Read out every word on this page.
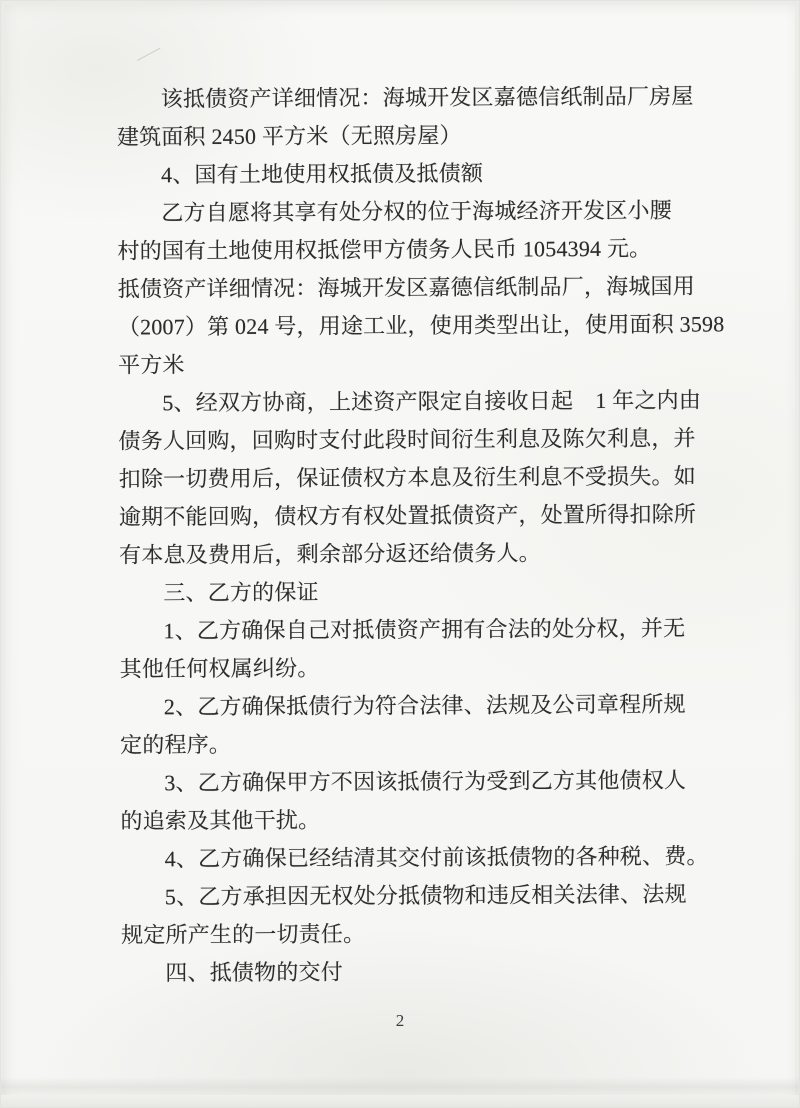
该抵债资产详细情况：海城开发区嘉德信纸制品厂房屋
建筑面积 2450 平方米（无照房屋）
4、国有土地使用权抵债及抵债额
乙方自愿将其享有处分权的位于海城经济开发区小腰
村的国有土地使用权抵偿甲方债务人民币 1054394 元。
抵债资产详细情况：海城开发区嘉德信纸制品厂，海城国用
（2007）第 024 号，用途工业，使用类型出让，使用面积 3598
平方米
5、经双方协商，上述资产限定自接收日起　1 年之内由
债务人回购，回购时支付此段时间衍生利息及陈欠利息，并
扣除一切费用后，保证债权方本息及衍生利息不受损失。如
逾期不能回购，债权方有权处置抵债资产，处置所得扣除所
有本息及费用后，剩余部分返还给债务人。
三、乙方的保证
1、乙方确保自己对抵债资产拥有合法的处分权，并无
其他任何权属纠纷。
2、乙方确保抵债行为符合法律、法规及公司章程所规
定的程序。
3、乙方确保甲方不因该抵债行为受到乙方其他债权人
的追索及其他干扰。
4、乙方确保已经结清其交付前该抵债物的各种税、费。
5、乙方承担因无权处分抵债物和违反相关法律、法规
规定所产生的一切责任。
四、抵债物的交付
2
